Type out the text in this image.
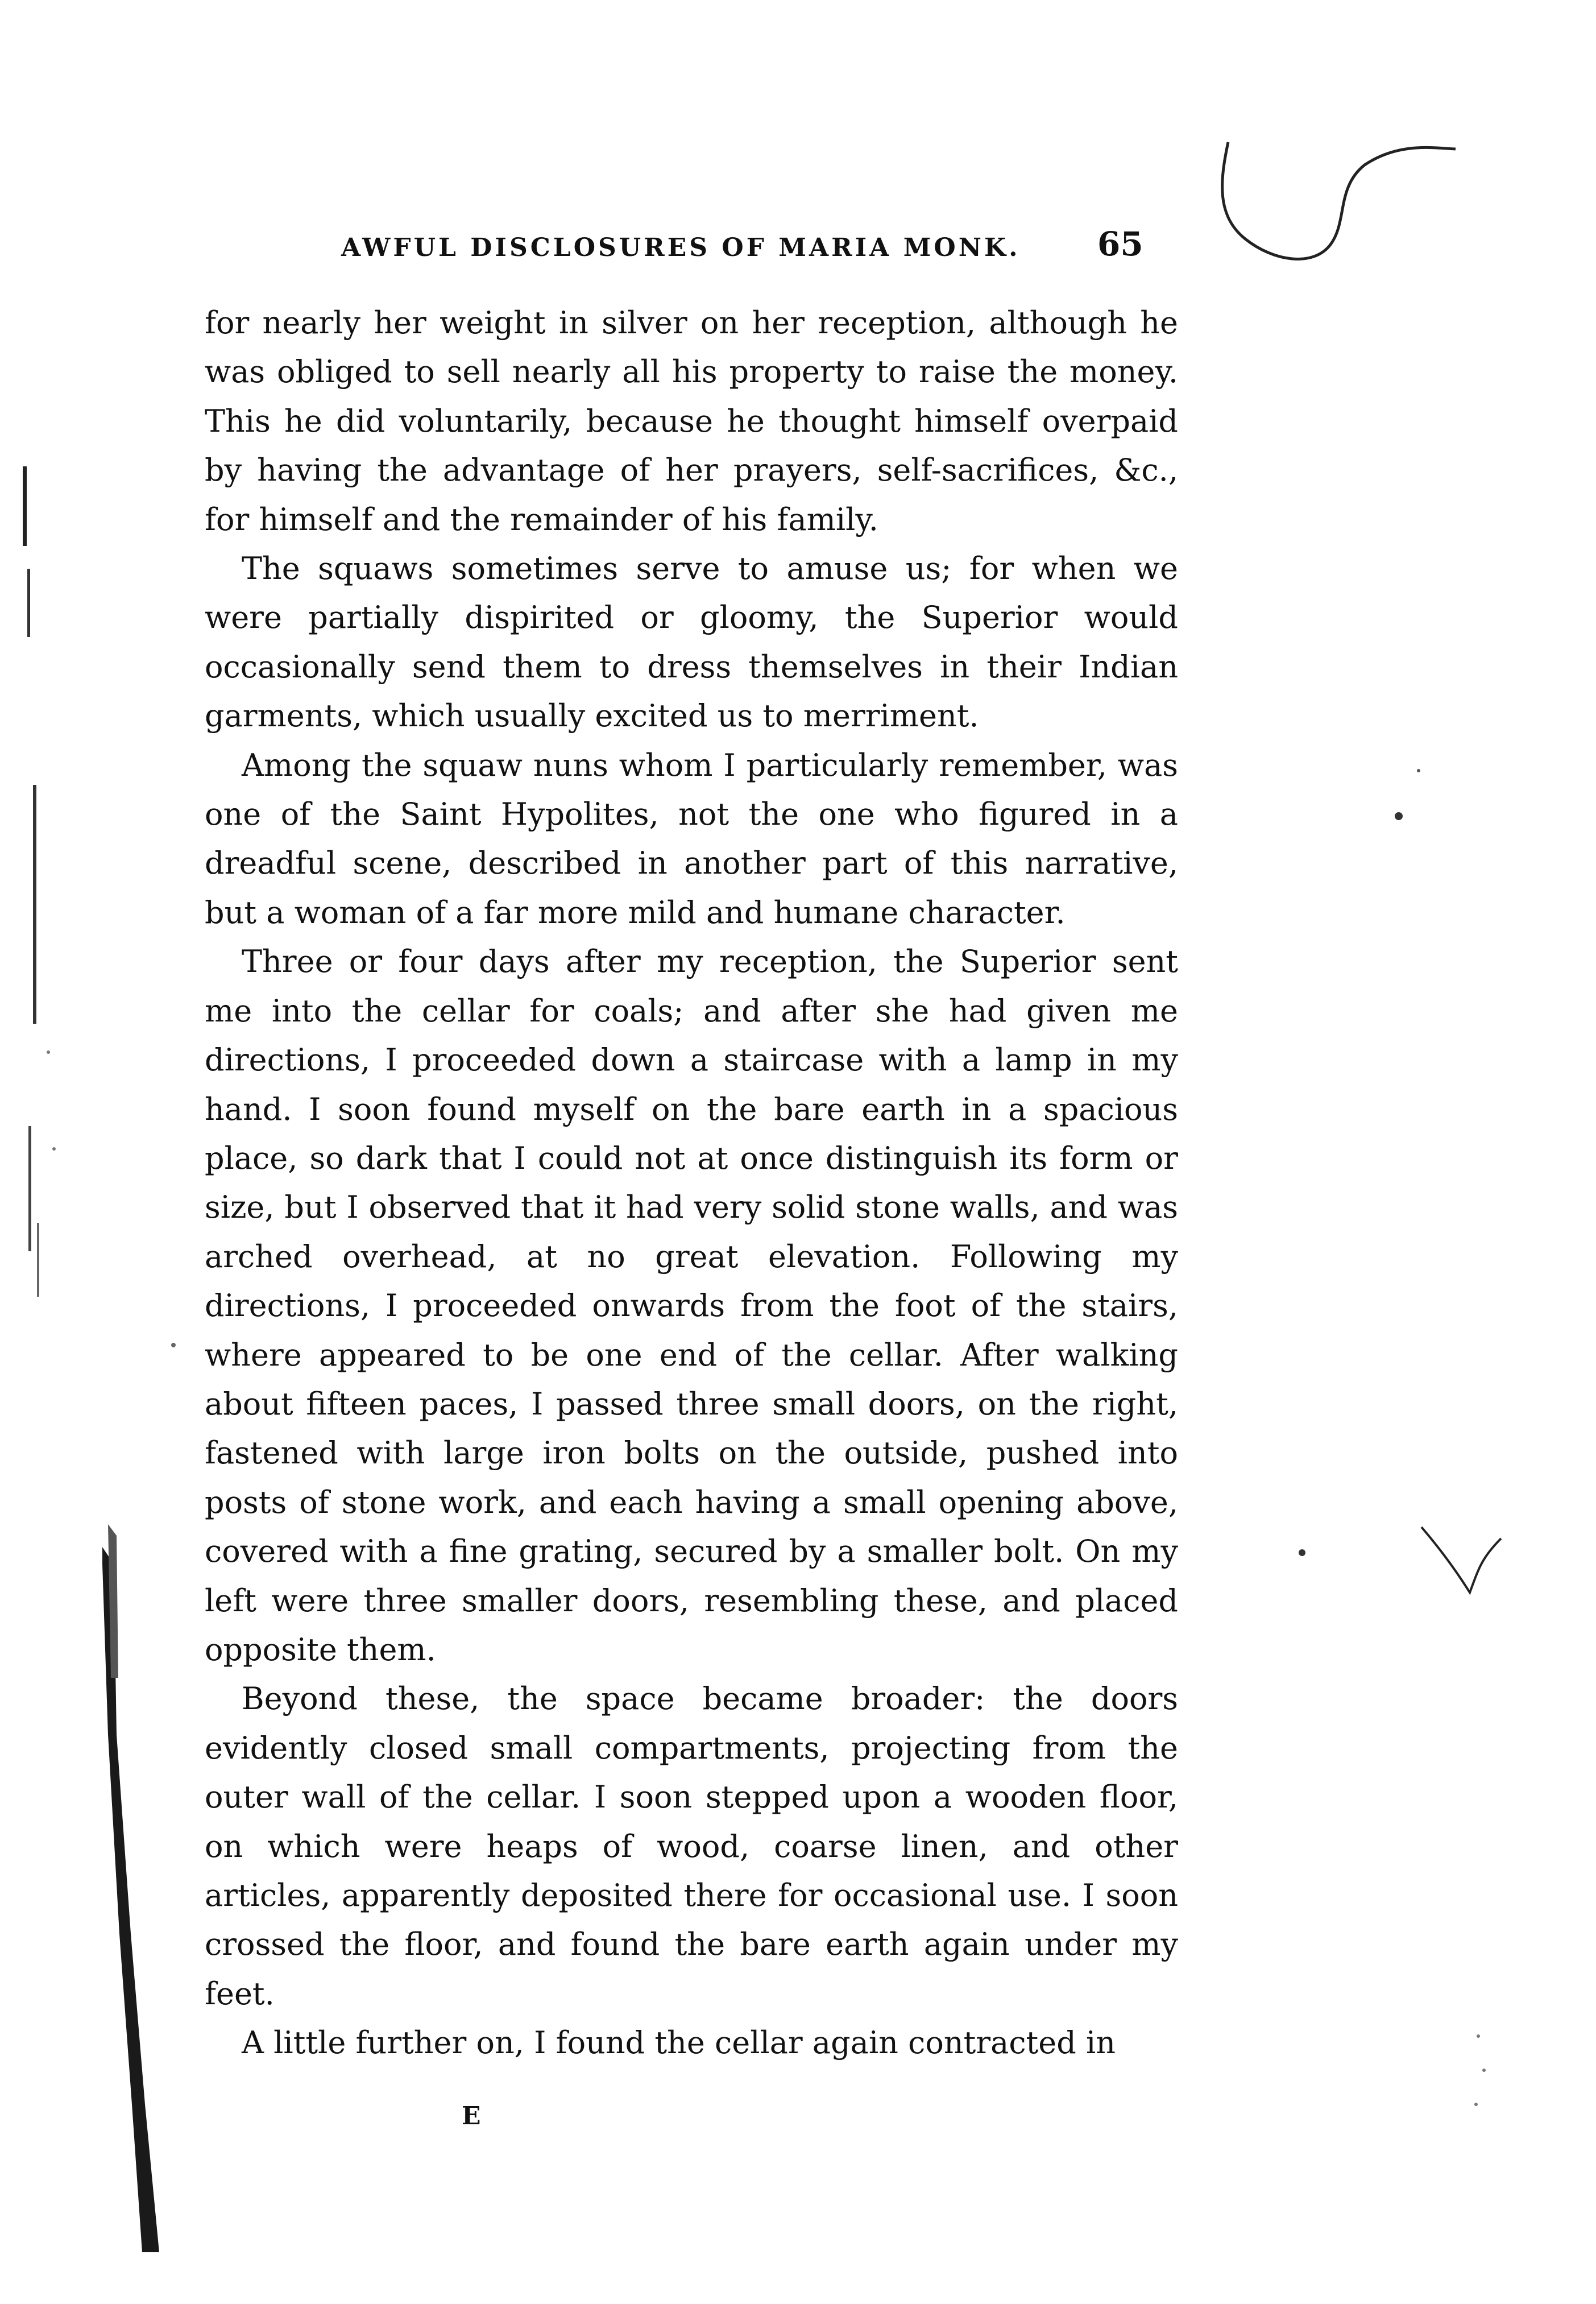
AWFUL DISCLOSURES OF MARIA MONK.	65

for nearly her weight in silver on her reception, although he was obliged to sell nearly all his property to raise the money. This he did voluntarily, because he thought himself overpaid by having the advantage of her prayers, self-sacrifices, &c., for himself and the remainder of his family.

The squaws sometimes serve to amuse us; for when we were partially dispirited or gloomy, the Superior would occasionally send them to dress themselves in their Indian garments, which usually excited us to merriment.

Among the squaw nuns whom I particularly remember, was one of the Saint Hypolites, not the one who figured in a dreadful scene, described in another part of this narrative, but a woman of a far more mild and humane character.

Three or four days after my reception, the Superior sent me into the cellar for coals; and after she had given me directions, I proceeded down a staircase with a lamp in my hand. I soon found myself on the bare earth in a spacious place, so dark that I could not at once distinguish its form or size, but I observed that it had very solid stone walls, and was arched overhead, at no great elevation. Following my directions, I proceeded onwards from the foot of the stairs, where appeared to be one end of the cellar. After walking about fifteen paces, I passed three small doors, on the right, fastened with large iron bolts on the outside, pushed into posts of stone work, and each having a small opening above, covered with a fine grating, secured by a smaller bolt. On my left were three smaller doors, resembling these, and placed opposite them.

Beyond these, the space became broader: the doors evidently closed small compartments, projecting from the outer wall of the cellar. I soon stepped upon a wooden floor, on which were heaps of wood, coarse linen, and other articles, apparently deposited there for occasional use. I soon crossed the floor, and found the bare earth again under my feet.

A little further on, I found the cellar again contracted in

E
